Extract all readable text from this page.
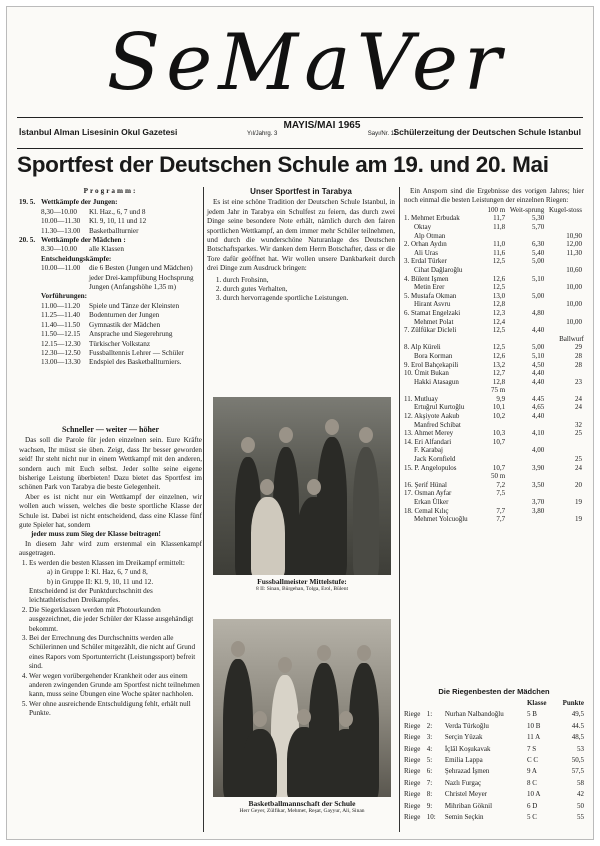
SeMaVer
İstanbul Alman Lisesinin Okul Gazetesi
MAYIS/MAI 1965
Yıl/Jahrg. 3	Sayı/Nr. 11
Schülerzeitung der Deutschen Schule Istanbul
Sportfest der Deutschen Schule am 19. und 20. Mai
Programm:
19. 5. Wettkämpfe der Jungen:
8,30—10.00	Kl. Haz., 6, 7 und 8
10.00—11.30	Kl. 9, 10, 11 und 12
11.30—13.00	Basketballturnier
20. 5. Wettkämpfe der Mädchen :
8.30—10.00	alle Klassen
Entscheidungskämpfe:
10.00—11.00	die 6 Besten (Jungen und Mädchen) jeder Drei-kampfübung Hochsprung Jungen (Anfangshöhe 1,35 m)
Vorführungen:
11.00—11.20	Spiele und Tänze der Kleinsten
11.25—11.40	Bodenturnen der Jungen
11.40—11.50	Gymnastik der Mädchen
11.50—12.15	Ansprache und Siegerehrung
12.15—12.30	Türkischer Volkstanz
12.30—12.50	Fussballtennis Lehrer — Schüler
13.00—13.30	Endspiel des Basketballturniers.
Schneller — weiter — höher

Das soll die Parole für jeden einzelnen sein. Eure Kräfte wachsen, Ihr müsst sie üben. Zeigt, dass Ihr besser geworden seid! Ihr steht nicht nur in einem Wettkampf mit den anderen, sondern auch mit Euch selbst. Jeder sollte seine eigene bisherige Leistung überbieten! Dazu bietet das Sportfest im schönen Park von Tarabya die beste Gelegenheit.

Aber es ist nicht nur ein Wettkampf der einzelnen, wir wollen auch wissen, welches die beste sportliche Klasse der Schule ist. Dabei ist nicht entscheidend, dass eine Klasse fünf gute Spieler hat, sondern

jeder muss zum Sieg der Klasse beitragen!

In diesem Jahr wird zum erstenmal ein Klassenkampf ausgetragen.

1. Es werden die besten Klassen im Dreikampf ermittelt:
a) in Gruppe I: Kl. Haz, 6, 7 und 8,
b) in Gruppe II: Kl. 9, 10, 11 und 12.
Entscheidend ist der Punktdurchschnitt des leichtathletischen Dreikampfes.
2. Die Siegerklassen werden mit Photourkunden ausgezeichnet, die jeder Schüler der Klasse ausgehändigt bekommt.
3. Bei der Errechnung des Durchschnitts werden alle Schülerinnen und Schüler mitgezählt, die nicht auf Grund eines Rapors vom Sportunterricht (Leistungssport) befreit sind.
4. Wer wegen vorübergehender Krankheit oder aus einem anderen zwingenden Grunde am Sportfest nicht teilnehmen kann, muss seine Übungen eine Woche später nachholen.
5. Wer ohne ausreichende Entschuldigung fehlt, erhält null Punkte.
Unser Sportfest in Tarabya

Es ist eine schöne Tradition der Deutschen Schule Istanbul, in jedem Jahr in Tarabya ein Schulfest zu feiern, das durch zwei Dinge seine besondere Note erhält, nämlich durch den fairen sportlichen Wettkampf, an dem immer mehr Schüler teilnehmen, und durch die wunderschöne Naturanlage des Deutschen Botschaftsparkes. Wir danken dem Herrn Botschafter, dass er die Tore dafür geöffnet hat. Wir wollen unsere Dankbarkeit durch drei Dinge zum Ausdruck bringen:

1. durch Frohsinn,
2. durch gutes Verhalten,
3. durch hervorragende sportliche Leistungen.
Fussballmeister Mittelstufe:
8 II: Sinan, Bürgehan, Tolga, Erol, Bülent
Basketballmannschaft der Schule
Herr Geyer, Zülfikar, Mehmet, Reşat, Gayyur, Ali, Sinan

Ein Ansporn sind die Ergebnisse des vorigen Jahres; hier noch einmal die besten Leistungen der einzelnen Riegen:

	100 m	Weit-sprung	Kugel-stoss
1. Mehmet Erbudak	11,7	5,30	
Oktay	11,8	5,70	
Alp Otman			10,90
2. Orhan Aydın	11,0	6,30	12,00
Ali Uras	11,6	5,40	11,30
3. Erdal Türker	12,5	5,00	
Cihat Dağlaroğlu			10,60
4. Bülent Işmen	12,6	5,10	
Metin Erer	12,5		10,00
5. Mustafa Okman	13,0	5,00	
Hirant Asvru	12,8		10,00
6. Stamat Engelzaki	12,3	4,80	
Mehmet Polat	12,4		10,00
7. Zülfükar Dicleli	12,5	4,40	
Ballwurf			
8. Alp Küreli	12,5	5,00	29
Bora Korman	12,6	5,10	28
9. Erol Bahçekapili	13,2	4,50	28
10. Ümit Bukan	12,7	4,40	
Hakki Atasagun	12,8	4,40	23
	75 m		
11. Mutluay	9,9	4.45	24
Ertuğrul Kurtoğlu	10,1	4,65	24
12. Akşiyote Aakub	10,2	4,40	
Manfred Schibat			32
13. Ahmet Merey	10,3	4,10	25
14. Eri Alfandari	10,7		
F. Karabaj		4,00	
Jack Kornfield			25
15. P. Angelopulos	10,7	3,90	24
	50 m		
16. Şerif Hünal	7,2	3,50	20
17. Osman Ayfar	7,5		
Erkan Ülker		3,70	19
18. Cemal Kılıç	7,7	3,80	
Mehmet Yolcuoğlu	7,7		19
Die Riegenbesten der Mädchen
			Klasse	Punkte
Riege	1:	Nurhan Nalbandoğlu	5 B	49,5
Riege	2:	Verda Türkoğlu	10 B	44.5
Riege	3:	Serçin Yüzak	11 A	48,5
Riege	4:	İçlâl Koşukavak	7 S	53
Riege	5:	Emilia Lappa	C C	50,5
Riege	6:	Şehrazad İşmen	9 A	57,5
Riege	7:	Nazlı Furgaç	8 C	58
Riege	8:	Christel Meyer	10 A	42
Riege	9:	Mihriban Göknil	6 D	50
Riege	10:	Semin Seçkin	5 C	55
